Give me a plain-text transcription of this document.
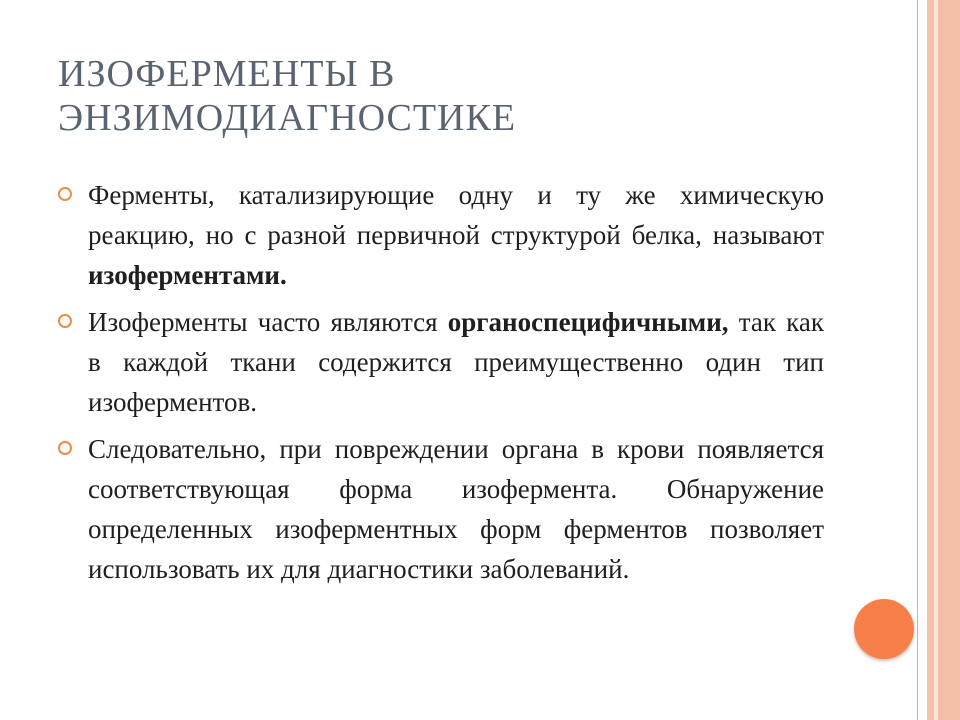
ИЗОФЕРМЕНТЫ В
ЭНЗИМОДИАГНОСТИКЕ
Ферменты, катализирующие одну и ту же химическую реакцию, но с разной первичной структурой белка, называют изоферментами.
Изоферменты часто являются органоспецифичными, так как в каждой ткани содержится преимущественно один тип изоферментов.
Следовательно, при повреждении органа в крови появляется соответствующая форма изофермента. Обнаружение определенных изоферментных форм ферментов позволяет использовать их для диагностики заболеваний.
